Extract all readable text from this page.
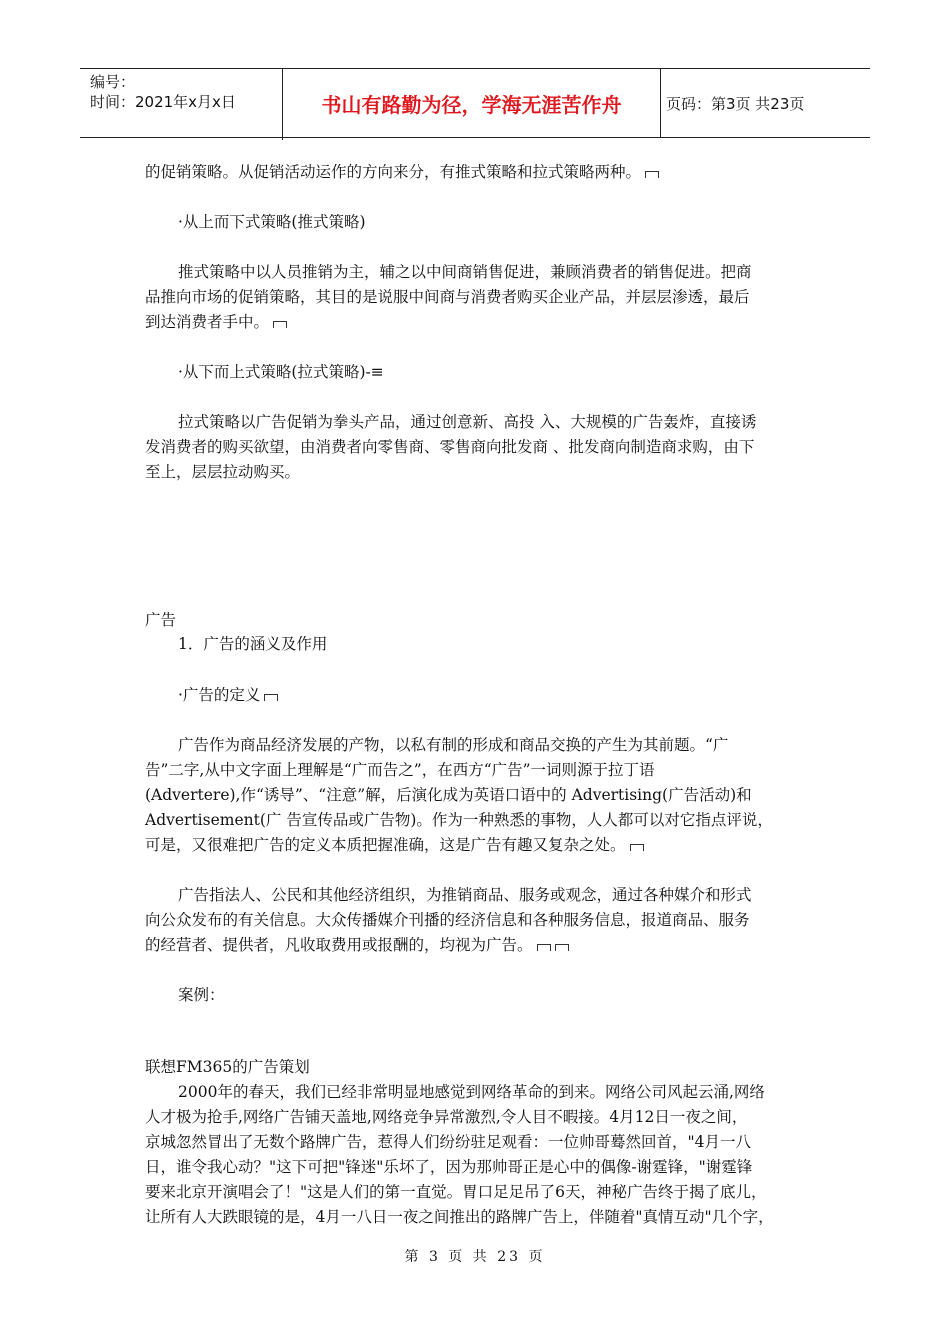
编号：
时间：2021年x月x日	书山有路勤为径，学海无涯苦作舟	页码：第3页 共23页
的促销策略。从促销活动运作的方向来分，有推式策略和拉式策略两种。
·从上而下式策略(推式策略)
推式策略中以人员推销为主，辅之以中间商销售促进，兼顾消费者的销售促进。把商
品推向市场的促销策略，其目的是说服中间商与消费者购买企业产品，并层层渗透，最后
到达消费者手中。
·从下而上式策略(拉式策略)-≡
拉式策略以广告促销为拳头产品，通过创意新、高投 入、大规模的广告轰炸，直接诱
发消费者的购买欲望，由消费者向零售商、零售商向批发商 、批发商向制造商求购，由下
至上，层层拉动购买。
广告
1．广告的涵义及作用
·广告的定义
广告作为商品经济发展的产物，以私有制的形成和商品交换的产生为其前题。“广
告”二字,从中文字面上理解是“广而告之”，在西方“广告”一词则源于拉丁语
(Advertere),作“诱导”、“注意”解，后演化成为英语口语中的 Advertising(广告活动)和
Advertisement(广 告宣传品或广告物)。作为一种熟悉的事物，人人都可以对它指点评说，
可是，又很难把广告的定义本质把握准确，这是广告有趣又复杂之处。
广告指法人、公民和其他经济组织，为推销商品、服务或观念，通过各种媒介和形式
向公众发布的有关信息。大众传播媒介刊播的经济信息和各种服务信息，报道商品、服务
的经营者、提供者，凡收取费用或报酬的，均视为广告。
案例：
联想FM365的广告策划
2000年的春天，我们已经非常明显地感觉到网络革命的到来。网络公司风起云涌,网络
人才极为抢手,网络广告铺天盖地,网络竞争异常激烈,令人目不暇接。4月12日一夜之间，
京城忽然冒出了无数个路牌广告，惹得人们纷纷驻足观看：一位帅哥蓦然回首，"4月一八
日，谁令我心动？"这下可把"锋迷"乐坏了，因为那帅哥正是心中的偶像-谢霆锋，"谢霆锋
要来北京开演唱会了！"这是人们的第一直觉。胃口足足吊了6天，神秘广告终于揭了底儿，
让所有人大跌眼镜的是，4月一八日一夜之间推出的路牌广告上，伴随着"真情互动"几个字，
第 3 页 共 23 页
